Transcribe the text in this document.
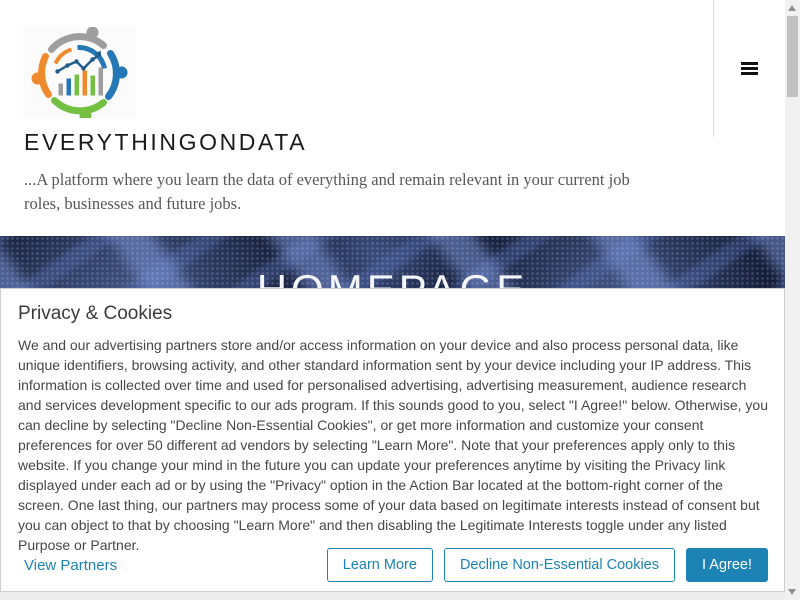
EVERYTHINGONDATA
...A platform where you learn the data of everything and remain relevant in your current job roles, businesses and future jobs.
Privacy & Cookies
We and our advertising partners store and/or access information on your device and also process personal data, like unique identifiers, browsing activity, and other standard information sent by your device including your IP address. This information is collected over time and used for personalised advertising, advertising measurement, audience research and services development specific to our ads program. If this sounds good to you, select "I Agree!" below. Otherwise, you can decline by selecting "Decline Non-Essential Cookies", or get more information and customize your consent preferences for over 50 different ad vendors by selecting "Learn More". Note that your preferences apply only to this website. If you change your mind in the future you can update your preferences anytime by visiting the Privacy link displayed under each ad or by using the "Privacy" option in the Action Bar located at the bottom-right corner of the screen. One last thing, our partners may process some of your data based on legitimate interests instead of consent but you can object to that by choosing "Learn More" and then disabling the Legitimate Interests toggle under any listed Purpose or Partner.
View Partners	Learn More	Decline Non-Essential Cookies	I Agree!
